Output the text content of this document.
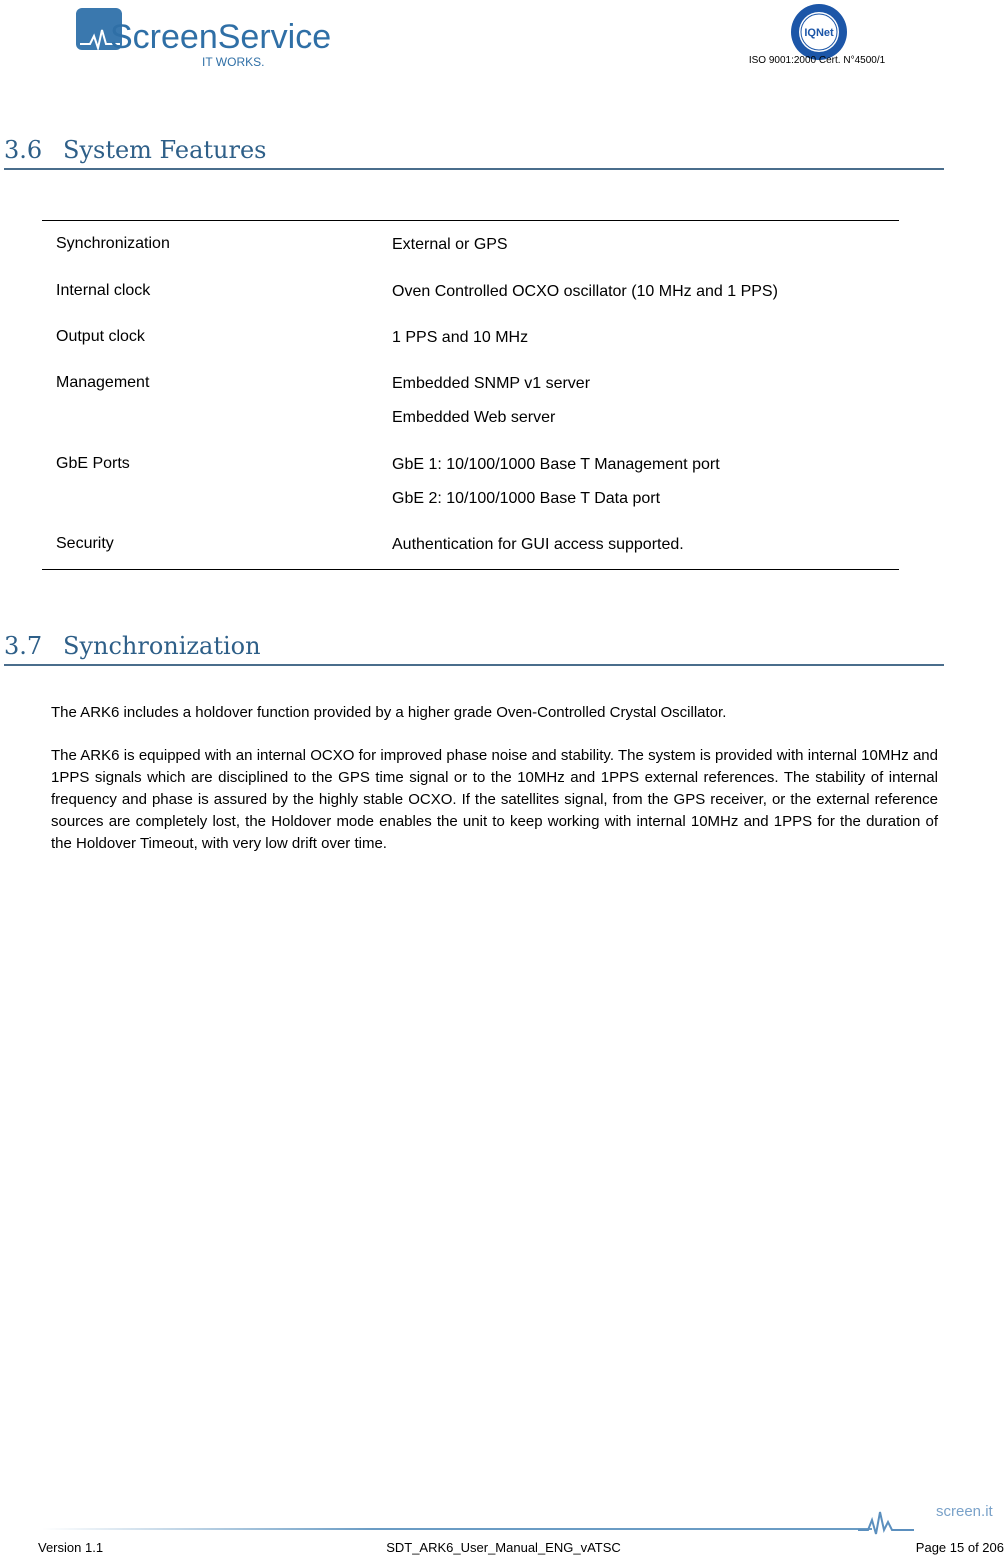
ScreenService
IT WORKS.
IQNet
ISO 9001:2000 Cert. N°4500/1
3.6 System Features
Synchronization	External or GPS
Internal clock	Oven Controlled OCXO oscillator (10 MHz and 1 PPS)
Output clock	1 PPS and 10 MHz
Management	Embedded SNMP v1 server
Embedded Web server
GbE Ports	GbE 1: 10/100/1000 Base T Management port
GbE 2: 10/100/1000 Base T Data port
Security	Authentication for GUI access supported.
3.7 Synchronization

The ARK6 includes a holdover function provided by a higher grade Oven-Controlled Crystal Oscillator.

The ARK6 is equipped with an internal OCXO for improved phase noise and stability. The system is provided with internal 10MHz and 1PPS signals which are disciplined to the GPS time signal or to the 10MHz and 1PPS external references. The stability of internal frequency and phase is assured by the highly stable OCXO. If the satellites signal, from the GPS receiver, or the external reference sources are completely lost, the Holdover mode enables the unit to keep working with internal 10MHz and 1PPS for the duration of the Holdover Timeout, with very low drift over time.

screen.it
Version 1.1	SDT_ARK6_User_Manual_ENG_vATSC	Page 15 of 206
